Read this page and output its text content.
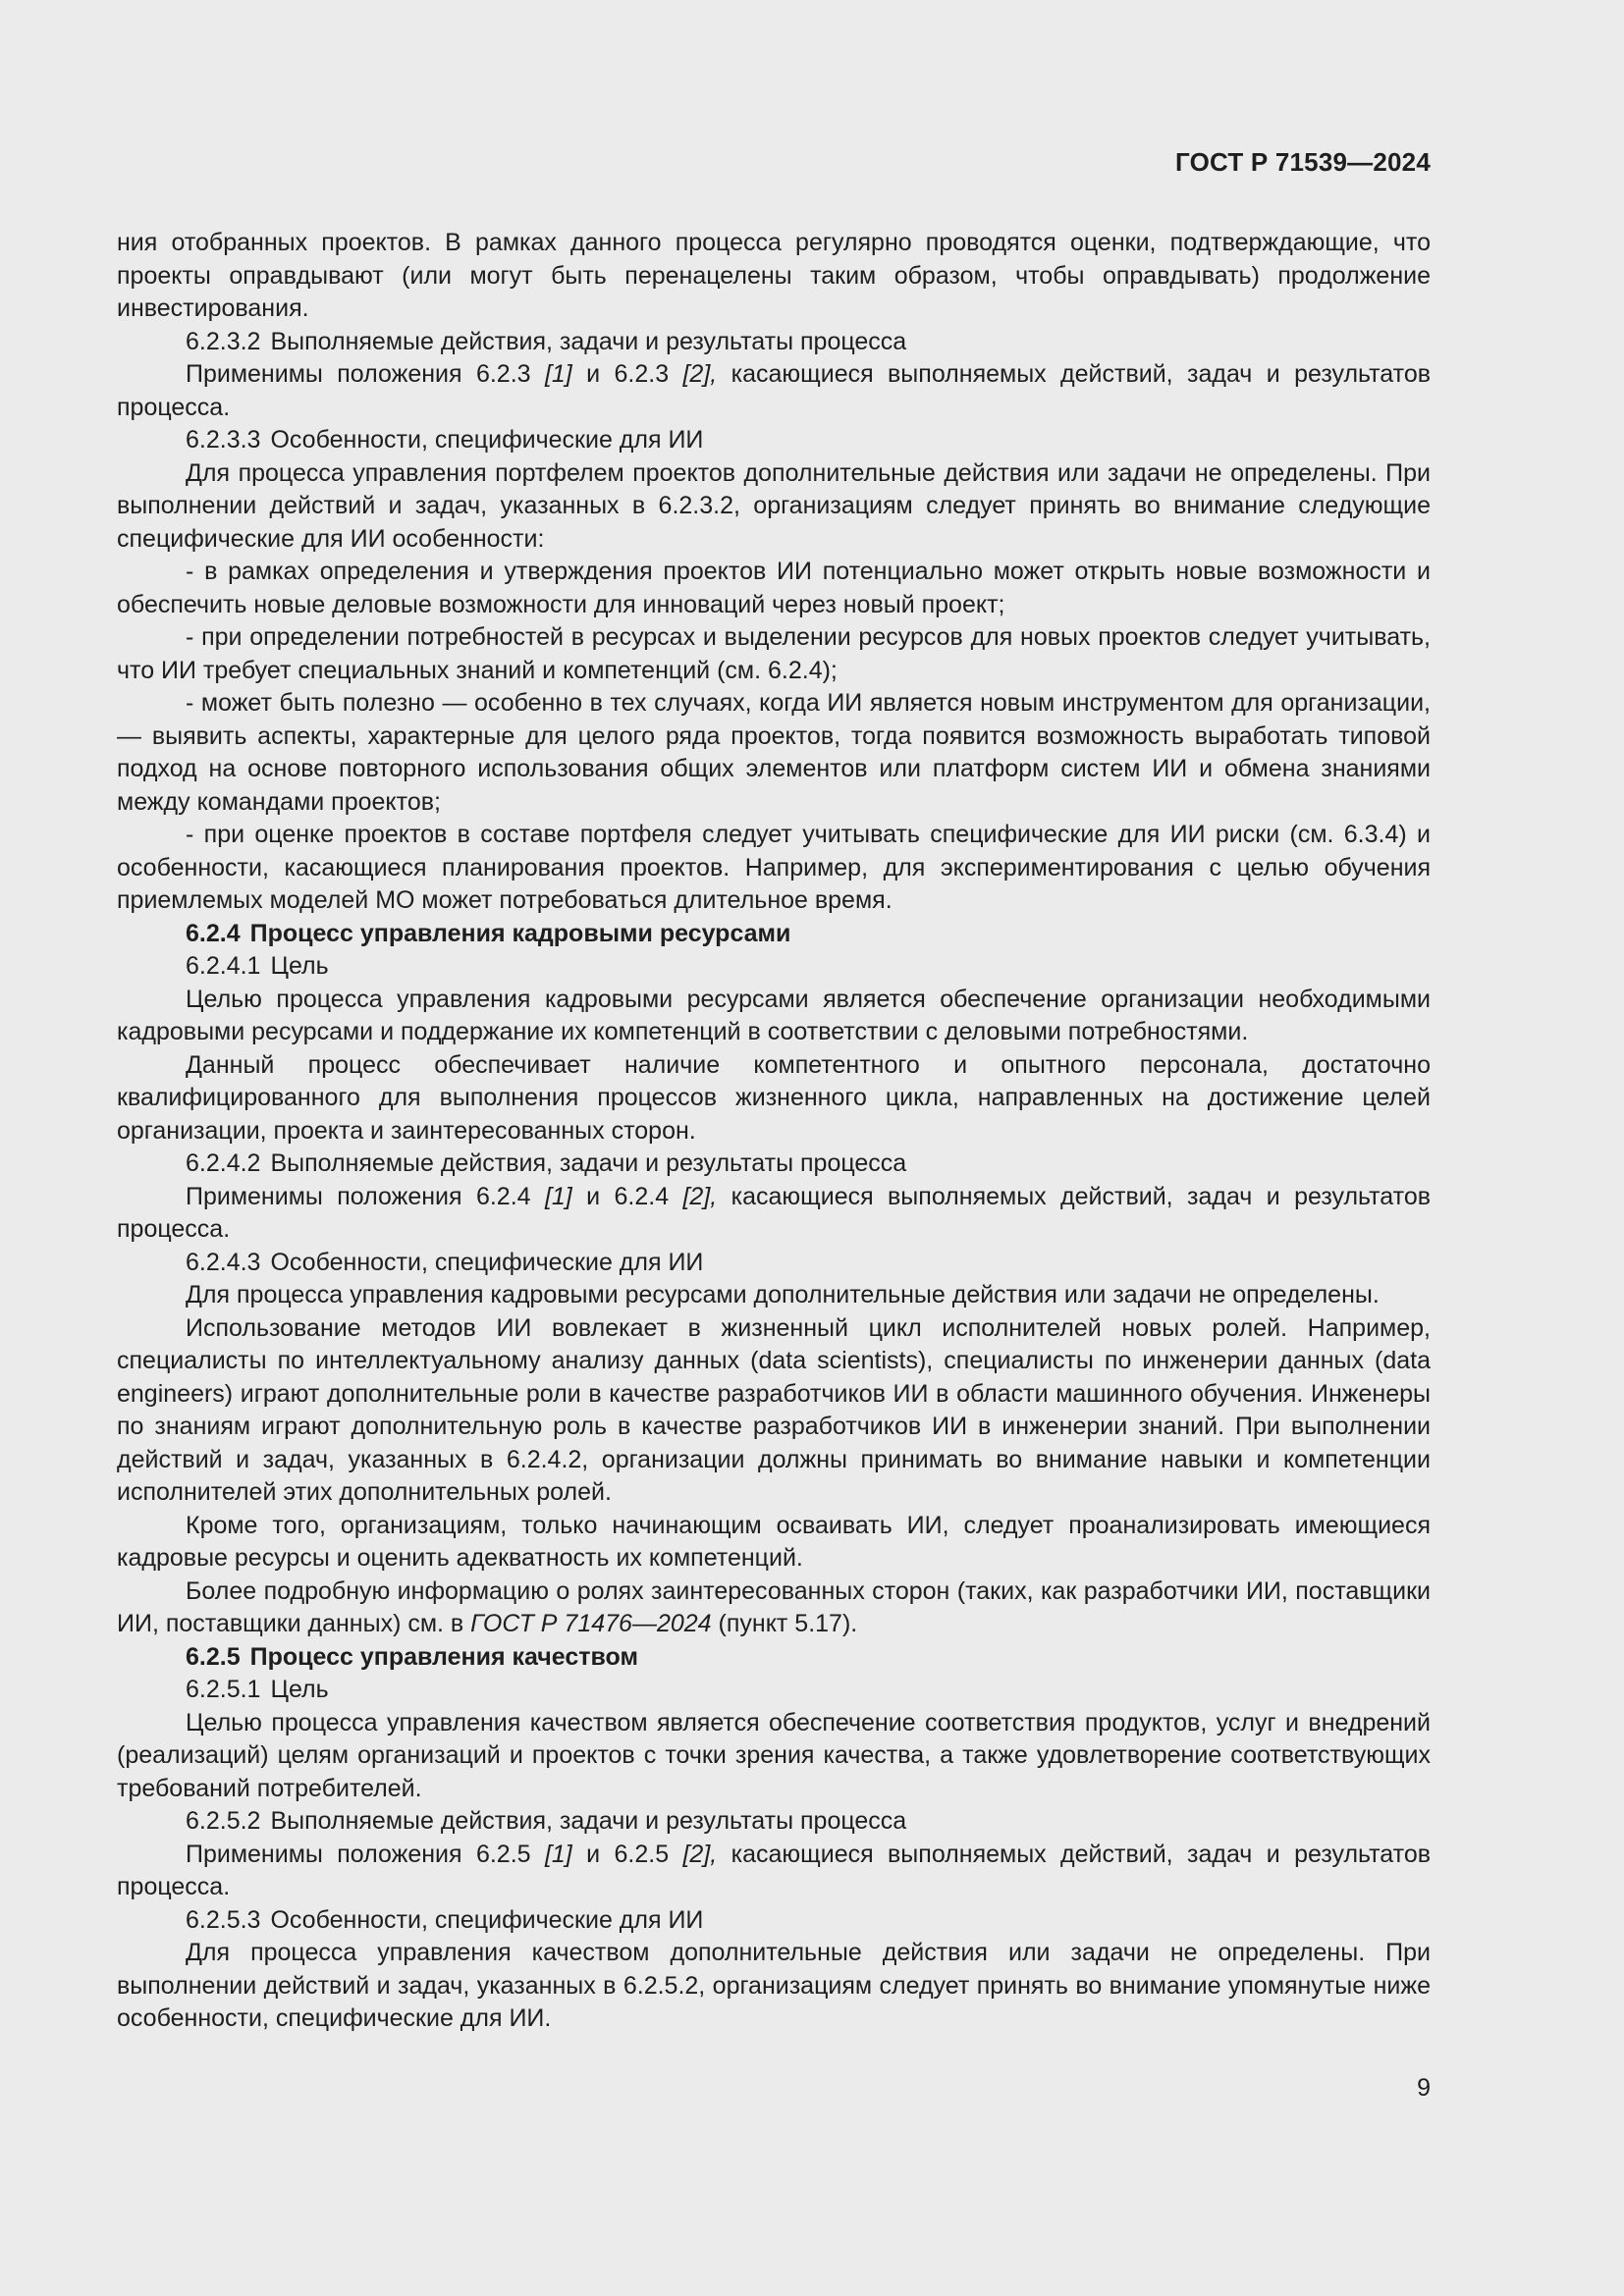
ГОСТ Р 71539—2024

ния отобранных проектов. В рамках данного процесса регулярно проводятся оценки, подтверждающие, что проекты оправдывают (или могут быть перенацелены таким образом, чтобы оправдывать) продолжение инвестирования.

6.2.3.2 Выполняемые действия, задачи и результаты процесса

Применимы положения 6.2.3 [1] и 6.2.3 [2], касающиеся выполняемых действий, задач и результатов процесса.

6.2.3.3 Особенности, специфические для ИИ

Для процесса управления портфелем проектов дополнительные действия или задачи не определены. При выполнении действий и задач, указанных в 6.2.3.2, организациям следует принять во внимание следующие специфические для ИИ особенности:

- в рамках определения и утверждения проектов ИИ потенциально может открыть новые возможности и обеспечить новые деловые возможности для инноваций через новый проект;

- при определении потребностей в ресурсах и выделении ресурсов для новых проектов следует учитывать, что ИИ требует специальных знаний и компетенций (см. 6.2.4);

- может быть полезно — особенно в тех случаях, когда ИИ является новым инструментом для организации, — выявить аспекты, характерные для целого ряда проектов, тогда появится возможность выработать типовой подход на основе повторного использования общих элементов или платформ систем ИИ и обмена знаниями между командами проектов;

- при оценке проектов в составе портфеля следует учитывать специфические для ИИ риски (см. 6.3.4) и особенности, касающиеся планирования проектов. Например, для экспериментирования с целью обучения приемлемых моделей МО может потребоваться длительное время.

6.2.4 Процесс управления кадровыми ресурсами

6.2.4.1 Цель

Целью процесса управления кадровыми ресурсами является обеспечение организации необходимыми кадровыми ресурсами и поддержание их компетенций в соответствии с деловыми потребностями.

Данный процесс обеспечивает наличие компетентного и опытного персонала, достаточно квалифицированного для выполнения процессов жизненного цикла, направленных на достижение целей организации, проекта и заинтересованных сторон.

6.2.4.2 Выполняемые действия, задачи и результаты процесса

Применимы положения 6.2.4 [1] и 6.2.4 [2], касающиеся выполняемых действий, задач и результатов процесса.

6.2.4.3 Особенности, специфические для ИИ

Для процесса управления кадровыми ресурсами дополнительные действия или задачи не определены.

Использование методов ИИ вовлекает в жизненный цикл исполнителей новых ролей. Например, специалисты по интеллектуальному анализу данных (data scientists), специалисты по инженерии данных (data engineers) играют дополнительные роли в качестве разработчиков ИИ в области машинного обучения. Инженеры по знаниям играют дополнительную роль в качестве разработчиков ИИ в инженерии знаний. При выполнении действий и задач, указанных в 6.2.4.2, организации должны принимать во внимание навыки и компетенции исполнителей этих дополнительных ролей.

Кроме того, организациям, только начинающим осваивать ИИ, следует проанализировать имеющиеся кадровые ресурсы и оценить адекватность их компетенций.

Более подробную информацию о ролях заинтересованных сторон (таких, как разработчики ИИ, поставщики ИИ, поставщики данных) см. в ГОСТ Р 71476—2024 (пункт 5.17).

6.2.5 Процесс управления качеством

6.2.5.1 Цель

Целью процесса управления качеством является обеспечение соответствия продуктов, услуг и внедрений (реализаций) целям организаций и проектов с точки зрения качества, а также удовлетворение соответствующих требований потребителей.

6.2.5.2 Выполняемые действия, задачи и результаты процесса

Применимы положения 6.2.5 [1] и 6.2.5 [2], касающиеся выполняемых действий, задач и результатов процесса.

6.2.5.3 Особенности, специфические для ИИ

Для процесса управления качеством дополнительные действия или задачи не определены. При выполнении действий и задач, указанных в 6.2.5.2, организациям следует принять во внимание упомянутые ниже особенности, специфические для ИИ.

9
